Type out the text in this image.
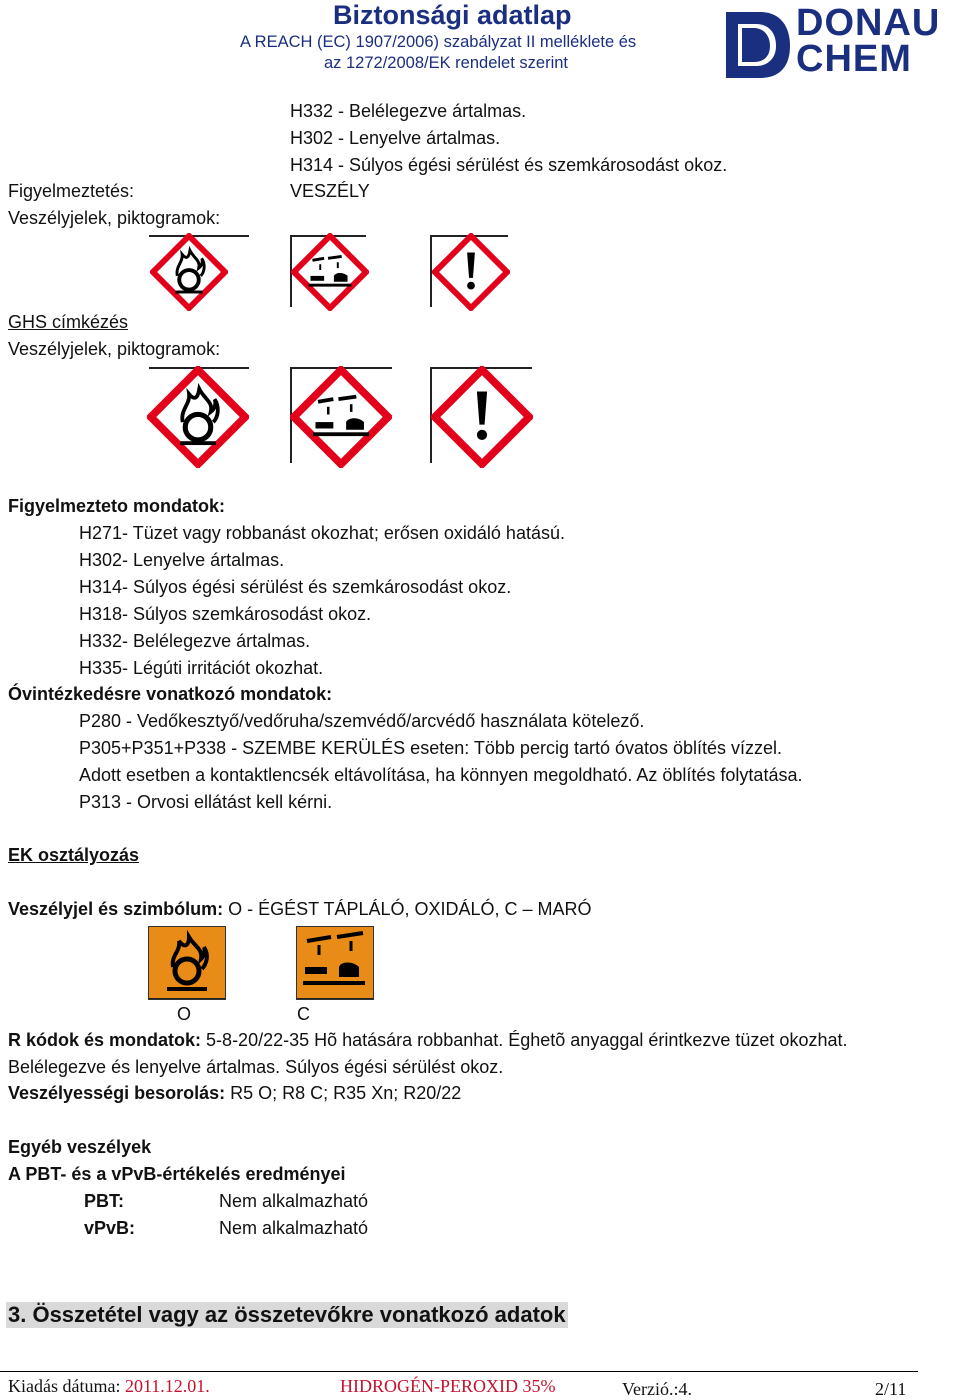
Biztonsági adatlap
A REACH (EC) 1907/2006) szabályzat II melléklete és
az 1272/2008/EK rendelet szerint
DONAU
CHEM
H332 - Belélegezve ártalmas.
H302 - Lenyelve ártalmas.
H314 - Súlyos égési sérülést és szemkárosodást okoz.
Figyelmeztetés:	VESZÉLY
Veszélyjelek, piktogramok:
GHS címkézés
Veszélyjelek, piktogramok:
Figyelmezteto mondatok:
H271- Tüzet vagy robbanást okozhat; erősen oxidáló hatású.
H302- Lenyelve ártalmas.
H314- Súlyos égési sérülést és szemkárosodást okoz.
H318- Súlyos szemkárosodást okoz.
H332- Belélegezve ártalmas.
H335- Légúti irritációt okozhat.
Óvintézkedésre vonatkozó mondatok:
P280 - Vedőkesztyő/vedőruha/szemvédő/arcvédő használata kötelező.
P305+P351+P338 - SZEMBE KERÜLÉS eseten: Több percig tartó óvatos öblítés vízzel.
Adott esetben a kontaktlencsék eltávolítása, ha könnyen megoldható. Az öblítés folytatása.
P313 - Orvosi ellátást kell kérni.
EK osztályozás
Veszélyjel és szimbólum: O - ÉGÉST TÁPLÁLÓ, OXIDÁLÓ, C – MARÓ
O	C
R kódok és mondatok: 5-8-20/22-35 Hõ hatására robbanhat. Éghetõ anyaggal érintkezve tüzet okozhat.
Belélegezve és lenyelve ártalmas. Súlyos égési sérülést okoz.
Veszélyességi besorolás: R5 O; R8 C; R35 Xn; R20/22
Egyéb veszélyek
A PBT- és a vPvB-értékelés eredményei
PBT:	Nem alkalmazható
vPvB:	Nem alkalmazható
3. Összetétel vagy az összetevőkre vonatkozó adatok
Kiadás dátuma: 2011.12.01.	HIDROGÉN-PEROXID 35%	Verzió.:4.	2/11
